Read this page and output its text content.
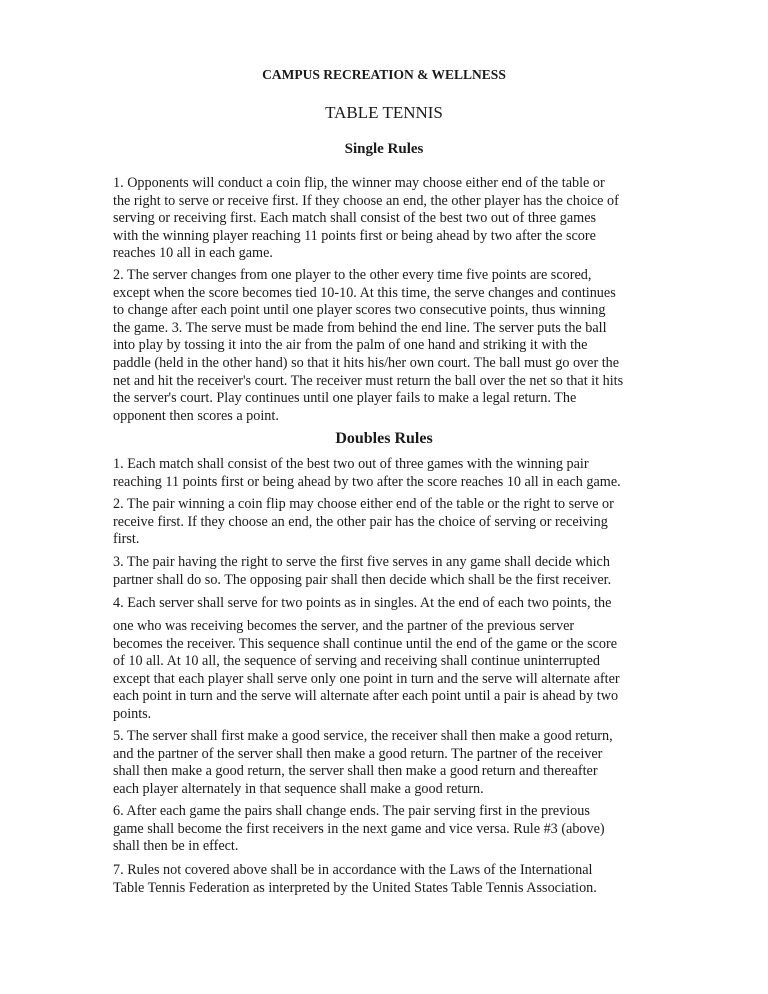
CAMPUS RECREATION & WELLNESS
TABLE TENNIS
Single Rules

1. Opponents will conduct a coin flip, the winner may choose either end of the table or
the right to serve or receive first. If they choose an end, the other player has the choice of
serving or receiving first. Each match shall consist of the best two out of three games
with the winning player reaching 11 points first or being ahead by two after the score
reaches 10 all in each game.

2. The server changes from one player to the other every time five points are scored,
except when the score becomes tied 10-10. At this time, the serve changes and continues
to change after each point until one player scores two consecutive points, thus winning
the game. 3. The serve must be made from behind the end line. The server puts the ball
into play by tossing it into the air from the palm of one hand and striking it with the
paddle (held in the other hand) so that it hits his/her own court. The ball must go over the
net and hit the receiver's court. The receiver must return the ball over the net so that it hits
the server's court. Play continues until one player fails to make a legal return. The
opponent then scores a point.

Doubles Rules

1. Each match shall consist of the best two out of three games with the winning pair
reaching 11 points first or being ahead by two after the score reaches 10 all in each game.

2. The pair winning a coin flip may choose either end of the table or the right to serve or
receive first. If they choose an end, the other pair has the choice of serving or receiving
first.

3. The pair having the right to serve the first five serves in any game shall decide which
partner shall do so. The opposing pair shall then decide which shall be the first receiver.

4. Each server shall serve for two points as in singles. At the end of each two points, the

one who was receiving becomes the server, and the partner of the previous server
becomes the receiver. This sequence shall continue until the end of the game or the score
of 10 all. At 10 all, the sequence of serving and receiving shall continue uninterrupted
except that each player shall serve only one point in turn and the serve will alternate after
each point in turn and the serve will alternate after each point until a pair is ahead by two
points.

5. The server shall first make a good service, the receiver shall then make a good return,
and the partner of the server shall then make a good return. The partner of the receiver
shall then make a good return, the server shall then make a good return and thereafter
each player alternately in that sequence shall make a good return.

6. After each game the pairs shall change ends. The pair serving first in the previous
game shall become the first receivers in the next game and vice versa. Rule #3 (above)
shall then be in effect.

7. Rules not covered above shall be in accordance with the Laws of the International
Table Tennis Federation as interpreted by the United States Table Tennis Association.
